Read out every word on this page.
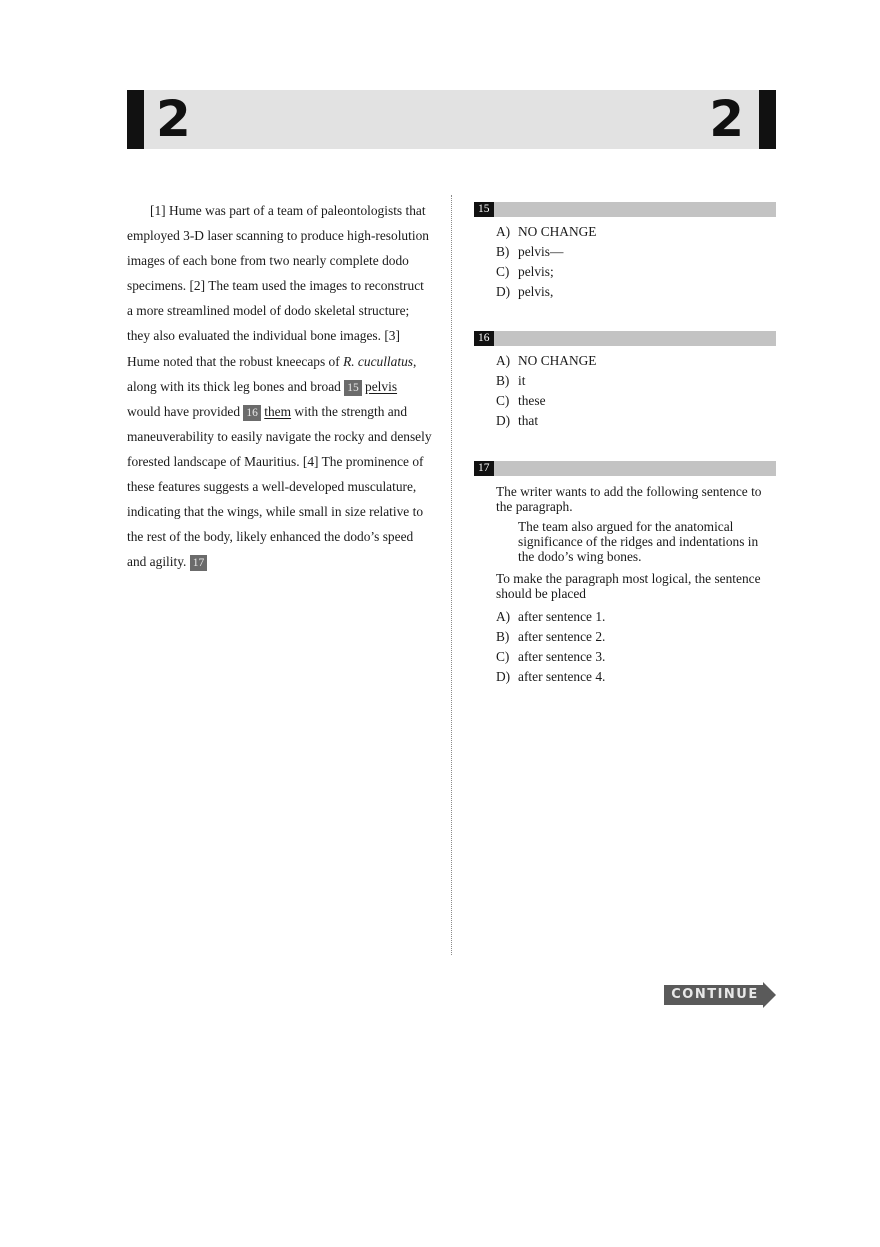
2	2

[1] Hume was part of a team of paleontologists that employed 3-D laser scanning to produce high-resolution images of each bone from two nearly complete dodo specimens. [2] The team used the images to reconstruct a more streamlined model of dodo skeletal structure; they also evaluated the individual bone images. [3] Hume noted that the robust kneecaps of R. cucullatus, along with its thick leg bones and broad 15 pelvis would have provided 16 them with the strength and maneuverability to easily navigate the rocky and densely forested landscape of Mauritius. [4] The prominence of these features suggests a well-developed musculature, indicating that the wings, while small in size relative to the rest of the body, likely enhanced the dodo’s speed and agility. 17

15
A) NO CHANGE
B) pelvis—
C) pelvis;
D) pelvis,
16
A) NO CHANGE
B) it
C) these
D) that
17
The writer wants to add the following sentence to the paragraph.
The team also argued for the anatomical significance of the ridges and indentations in the dodo’s wing bones.
To make the paragraph most logical, the sentence should be placed
A) after sentence 1.
B) after sentence 2.
C) after sentence 3.
D) after sentence 4.
CONTINUE
